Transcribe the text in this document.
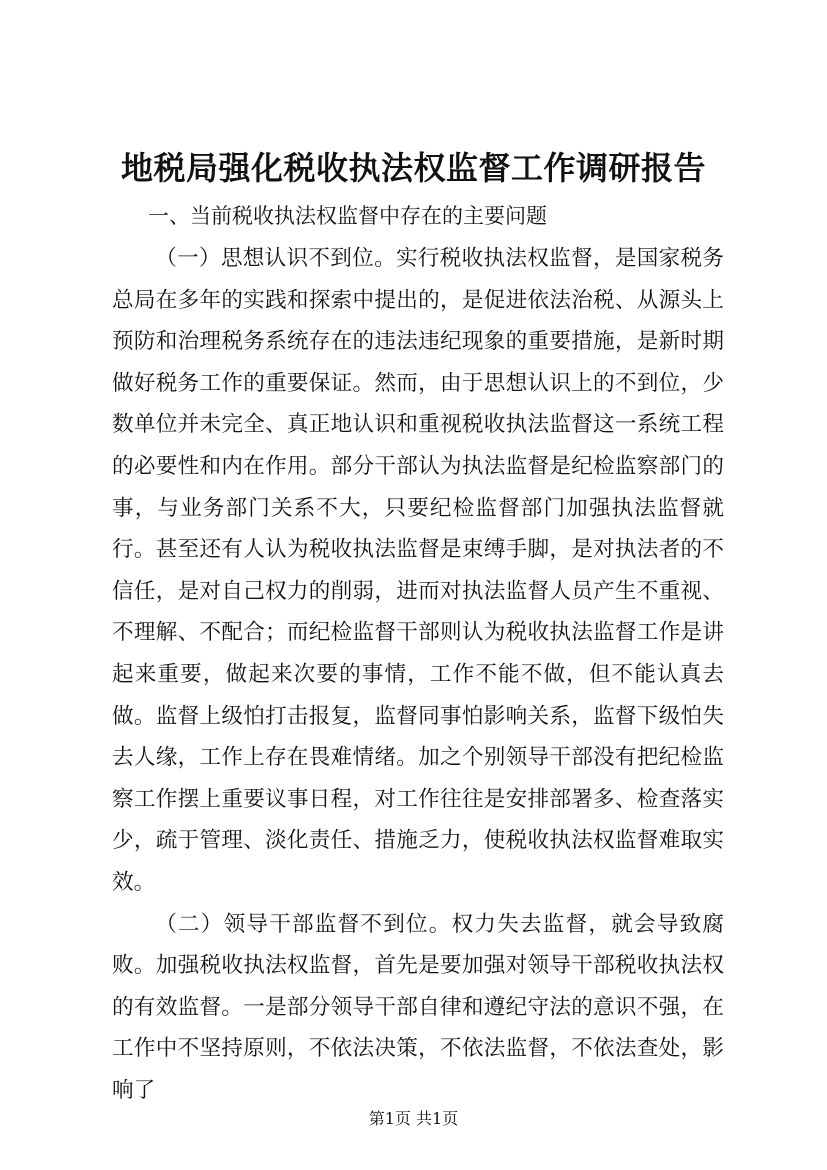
地税局强化税收执法权监督工作调研报告

一、当前税收执法权监督中存在的主要问题

（一）思想认识不到位。实行税收执法权监督，是国家税务总局在多年的实践和探索中提出的，是促进依法治税、从源头上预防和治理税务系统存在的违法违纪现象的重要措施，是新时期做好税务工作的重要保证。然而，由于思想认识上的不到位，少数单位并未完全、真正地认识和重视税收执法监督这一系统工程的必要性和内在作用。部分干部认为执法监督是纪检监察部门的事，与业务部门关系不大，只要纪检监督部门加强执法监督就行。甚至还有人认为税收执法监督是束缚手脚，是对执法者的不信任，是对自己权力的削弱，进而对执法监督人员产生不重视、不理解、不配合；而纪检监督干部则认为税收执法监督工作是讲起来重要，做起来次要的事情，工作不能不做，但不能认真去做。监督上级怕打击报复，监督同事怕影响关系，监督下级怕失去人缘，工作上存在畏难情绪。加之个别领导干部没有把纪检监察工作摆上重要议事日程，对工作往往是安排部署多、检查落实少，疏于管理、淡化责任、措施乏力，使税收执法权监督难取实效。

（二）领导干部监督不到位。权力失去监督，就会导致腐败。加强税收执法权监督，首先是要加强对领导干部税收执法权的有效监督。一是部分领导干部自律和遵纪守法的意识不强，在工作中不坚持原则，不依法决策，不依法监督，不依法查处，影响了

第1页 共1页
